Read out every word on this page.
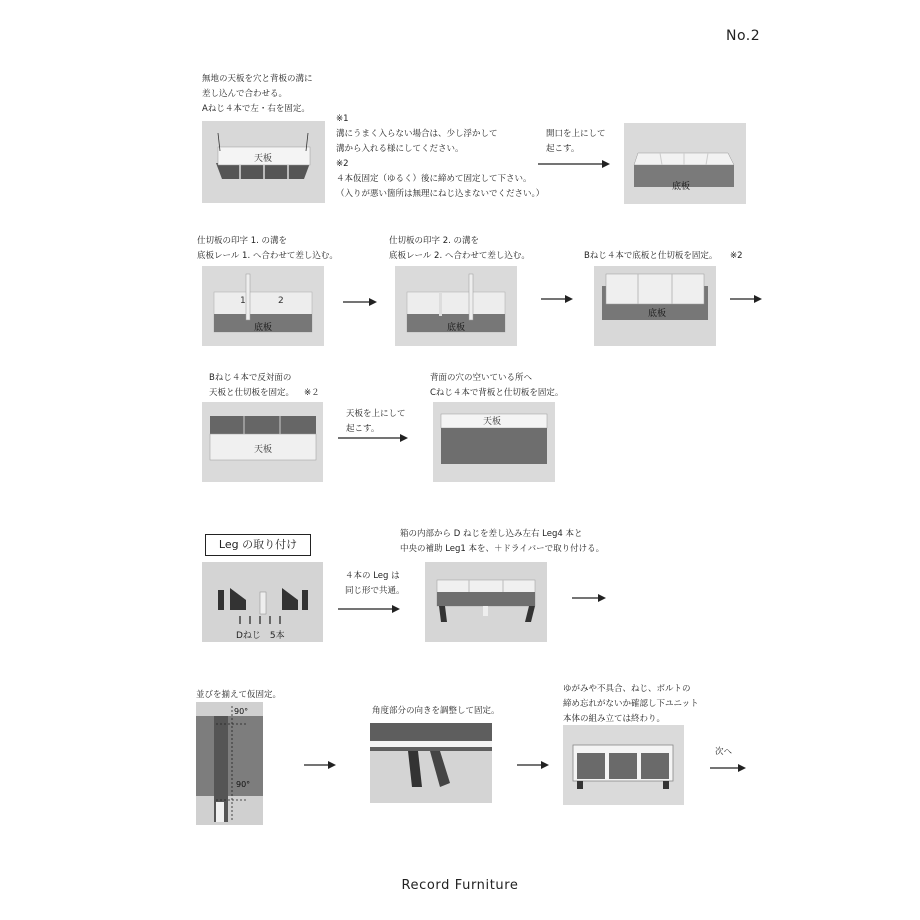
No.2
無地の天板を穴と背板の溝に
差し込んで合わせる。
Aねじ４本で左・右を固定。
天板
※1
溝にうまく入らない場合は、少し浮かして
溝から入れる様にしてください。
※2
４本仮固定（ゆるく）後に締めて固定して下さい。
（入りが悪い箇所は無理にねじ込まないでください。）
開口を上にして
起こす。
底板
仕切板の印字 1. の溝を
底板レール 1. へ合わせて差し込む。
仕切板の印字 2. の溝を
底板レール 2. へ合わせて差し込む。	Bねじ４本で底板と仕切板を固定。 ※2
1	2
底板	底板
底板
Bねじ４本で反対面の
天板と仕切板を固定。 ※２
天板
天板を上にして
起こす。
背面の穴の空いている所へ
Cねじ４本で背板と仕切板を固定。
天板
Leg の取り付け
Dねじ　5本
４本の Leg は
同じ形で共通。
箱の内部から D ねじを差し込み左右 Leg4 本と
中央の補助 Leg1 本を、＋ドライバーで取り付ける。
並びを揃えて仮固定。
90°
90°
角度部分の向きを調整して固定。
ゆがみや不具合、ねじ、ボルトの
締め忘れがないか確認し下ユニット
本体の組み立ては終わり。
次へ
Record Furniture
